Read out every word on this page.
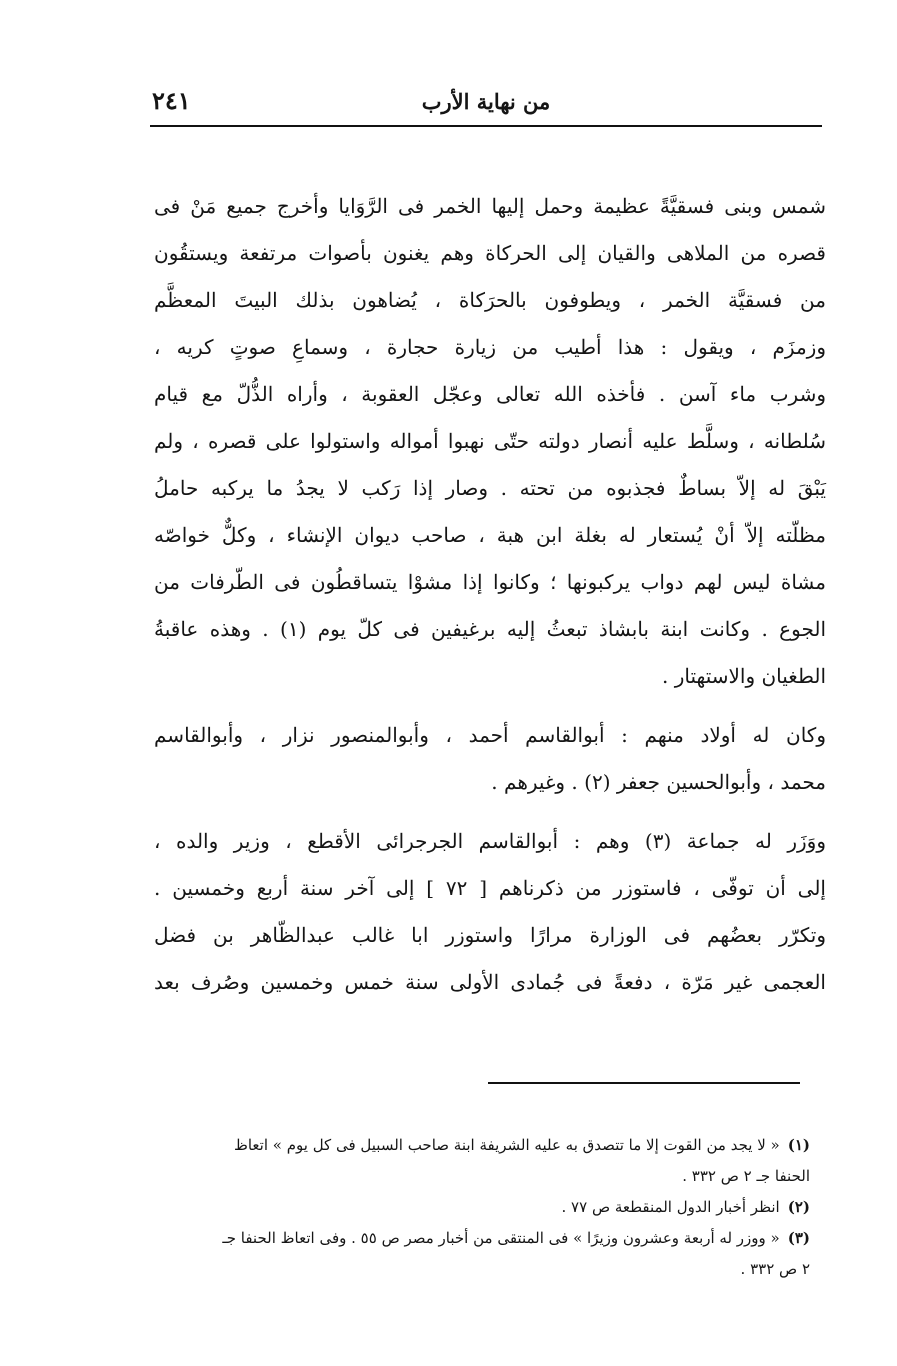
من نهاية الأرب
٢٤١
شمس وبنى فسقيَّةً عظيمة وحمل إليها الخمر فى الرَّوَايا وأخرج جميع مَنْ فى
قصره من الملاهى والقيان إلى الحركاة وهم يغنون بأصوات مرتفعة ويستقُون
من فسقيَّة الخمر ، ويطوفون بالحرَكاة ، يُضاهون بذلك البيتَ المعظَّم
وزمزَم ، ويقول : هذا أطيب من زيارة حجارة ، وسماعِ صوتٍ كريه ،
وشرب ماء آسن . فأخذه الله تعالى وعجّل العقوبة ، وأراه الذُّلّ مع قيام
سُلطانه ، وسلَّط عليه أنصار دولته حتّى نهبوا أمواله واستولوا على قصره ، ولم
يَبْقَ له إلاّ بساطٌ فجذبوه من تحته . وصار إذا رَكب لا يجدُ ما يركبه حاملُ
مظلّته إلاّ أنْ يُستعار له بغلة ابن هبة ، صاحب ديوان الإنشاء ، وكلٌّ خواصّه
مشاة ليس لهم دواب يركبونها ؛ وكانوا إذا مشوْا يتساقطُون فى الطّرفات من
الجوع . وكانت ابنة بابشاذ تبعثُ إليه برغيفين فى كلّ يوم (١) . وهذه عاقبةُ
الطغيان والاستهتار .
وكان له أولاد منهم : أبوالقاسم أحمد ، وأبوالمنصور نزار ، وأبوالقاسم
محمد ، وأبوالحسين جعفر (٢) . وغيرهم .
ووَزَر له جماعة (٣) وهم : أبوالقاسم الجرجرائى الأقطع ، وزير والده ،
إلى أن توفّى ، فاستوزر من ذكرناهم [ ٧٢ ] إلى آخر سنة أربع وخمسين .
وتكرّر بعضُهم فى الوزارة مرارًا واستوزر ابا غالب عبدالظّاهر بن فضل
العجمى غير مَرّة ، دفعةً فى جُمادى الأولى سنة خمس وخمسين وصُرف بعد
(١)« لا يجد من القوت إلا ما تتصدق به عليه الشريفة ابنة صاحب السبيل فى كل يوم » اتعاظ
الحنفا جـ ٢ ص ٣٣٢ .
(٢)انظر أخبار الدول المنقطعة ص ٧٧ .
(٣)« ووزر له أربعة وعشرون وزيرًا » فى المنتقى من أخبار مصر ص ٥٥ . وفى اتعاظ الحنفا جـ
٢ ص ٣٣٢ .
